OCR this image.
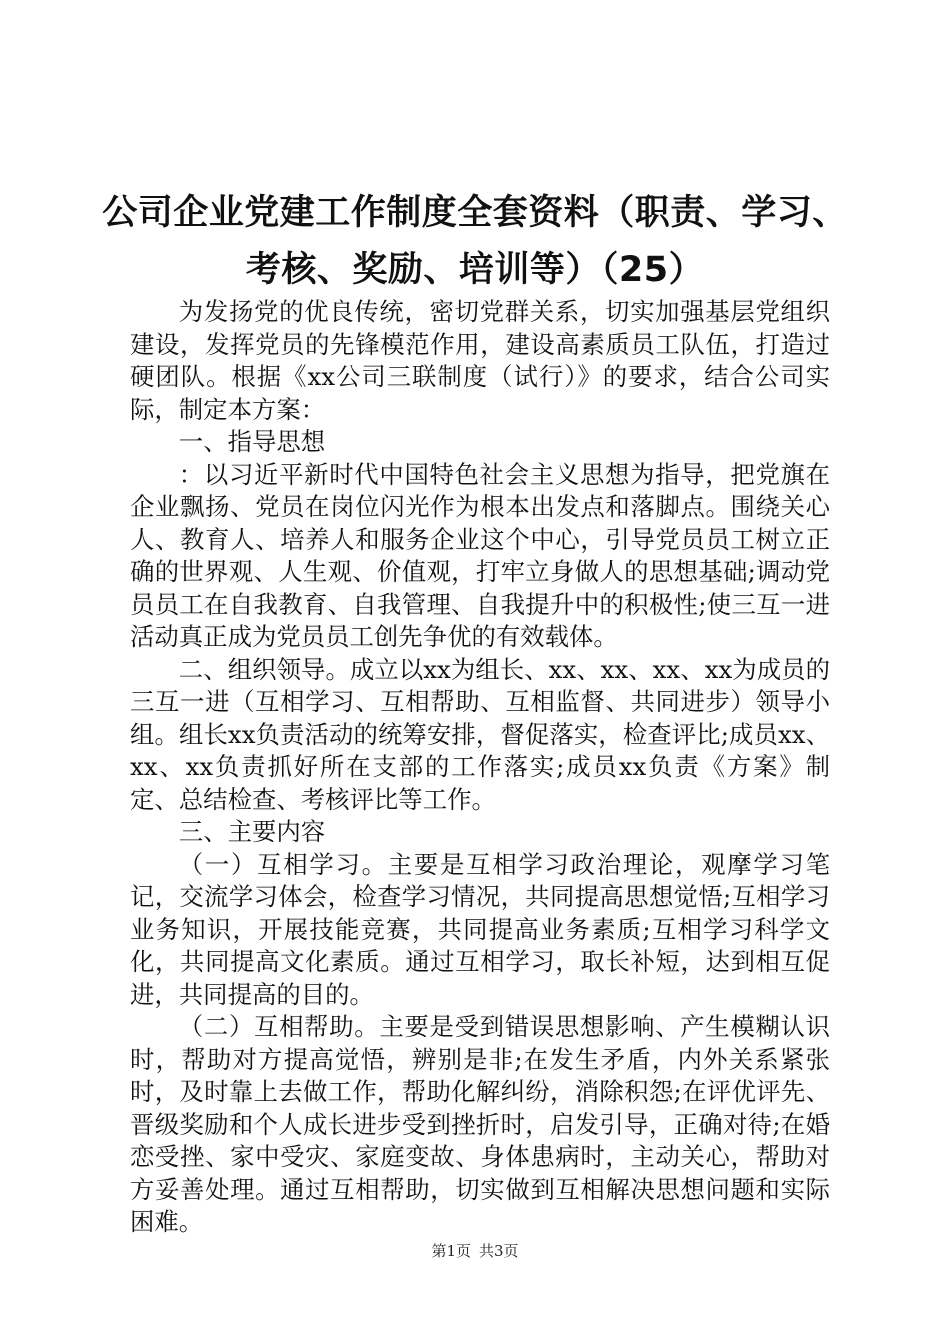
公司企业党建工作制度全套资料（职责、学习、
考核、奖励、培训等）（25）

为发扬党的优良传统，密切党群关系，切实加强基层党组织建设，发挥党员的先锋模范作用，建设高素质员工队伍，打造过硬团队。根据《xx公司三联制度（试行）》的要求，结合公司实际，制定本方案：

一、指导思想

：以习近平新时代中国特色社会主义思想为指导，把党旗在企业飘扬、党员在岗位闪光作为根本出发点和落脚点。围绕关心人、教育人、培养人和服务企业这个中心，引导党员员工树立正确的世界观、人生观、价值观，打牢立身做人的思想基础;调动党员员工在自我教育、自我管理、自我提升中的积极性;使三互一进活动真正成为党员员工创先争优的有效载体。

二、组织领导。成立以xx为组长、xx、xx、xx、xx为成员的三互一进（互相学习、互相帮助、互相监督、共同进步）领导小组。组长xx负责活动的统筹安排，督促落实，检查评比;成员xx、xx、xx负责抓好所在支部的工作落实;成员xx负责《方案》制定、总结检查、考核评比等工作。

三、主要内容

（一）互相学习。主要是互相学习政治理论，观摩学习笔记，交流学习体会，检查学习情况，共同提高思想觉悟;互相学习业务知识，开展技能竞赛，共同提高业务素质;互相学习科学文化，共同提高文化素质。通过互相学习，取长补短，达到相互促进，共同提高的目的。

（二）互相帮助。主要是受到错误思想影响、产生模糊认识时，帮助对方提高觉悟，辨别是非;在发生矛盾，内外关系紧张时，及时靠上去做工作，帮助化解纠纷，消除积怨;在评优评先、晋级奖励和个人成长进步受到挫折时，启发引导，正确对待;在婚恋受挫、家中受灾、家庭变故、身体患病时，主动关心，帮助对方妥善处理。通过互相帮助，切实做到互相解决思想问题和实际困难。

第1页 共3页
